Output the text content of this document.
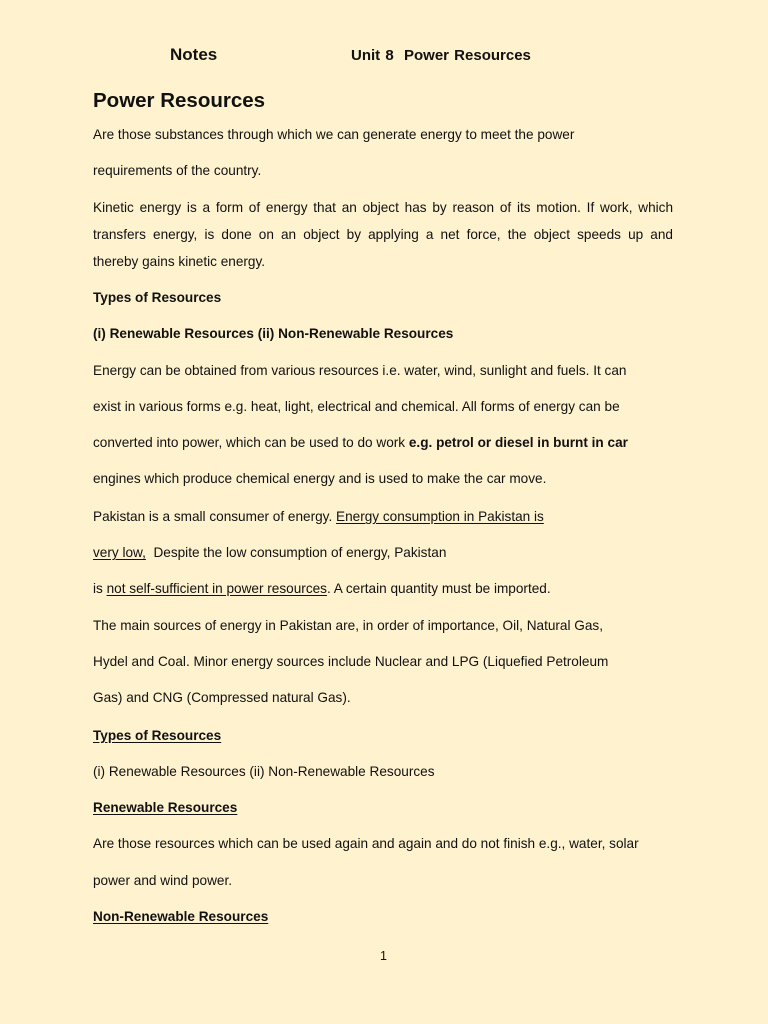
Notes	Unit 8  Power Resources
Power Resources
Are those substances through which we can generate energy to meet the power
requirements of the country.
Kinetic energy is a form of energy that an object has by reason of its motion. If work, which
transfers energy, is done on an object by applying a net force, the object speeds up and
thereby gains kinetic energy.
Types of Resources
(i) Renewable Resources (ii) Non-Renewable Resources
Energy can be obtained from various resources i.e. water, wind, sunlight and fuels. It can
exist in various forms e.g. heat, light, electrical and chemical. All forms of energy can be
converted into power, which can be used to do work e.g. petrol or diesel in burnt in car
engines which produce chemical energy and is used to make the car move.
Pakistan is a small consumer of energy. Energy consumption in Pakistan is
very low,  Despite the low consumption of energy, Pakistan
is not self-sufficient in power resources. A certain quantity must be imported.
The main sources of energy in Pakistan are, in order of importance, Oil, Natural Gas,
Hydel and Coal. Minor energy sources include Nuclear and LPG (Liquefied Petroleum
Gas) and CNG (Compressed natural Gas).
Types of Resources
(i) Renewable Resources (ii) Non-Renewable Resources
Renewable Resources
Are those resources which can be used again and again and do not finish e.g., water, solar
power and wind power.
Non-Renewable Resources
1
